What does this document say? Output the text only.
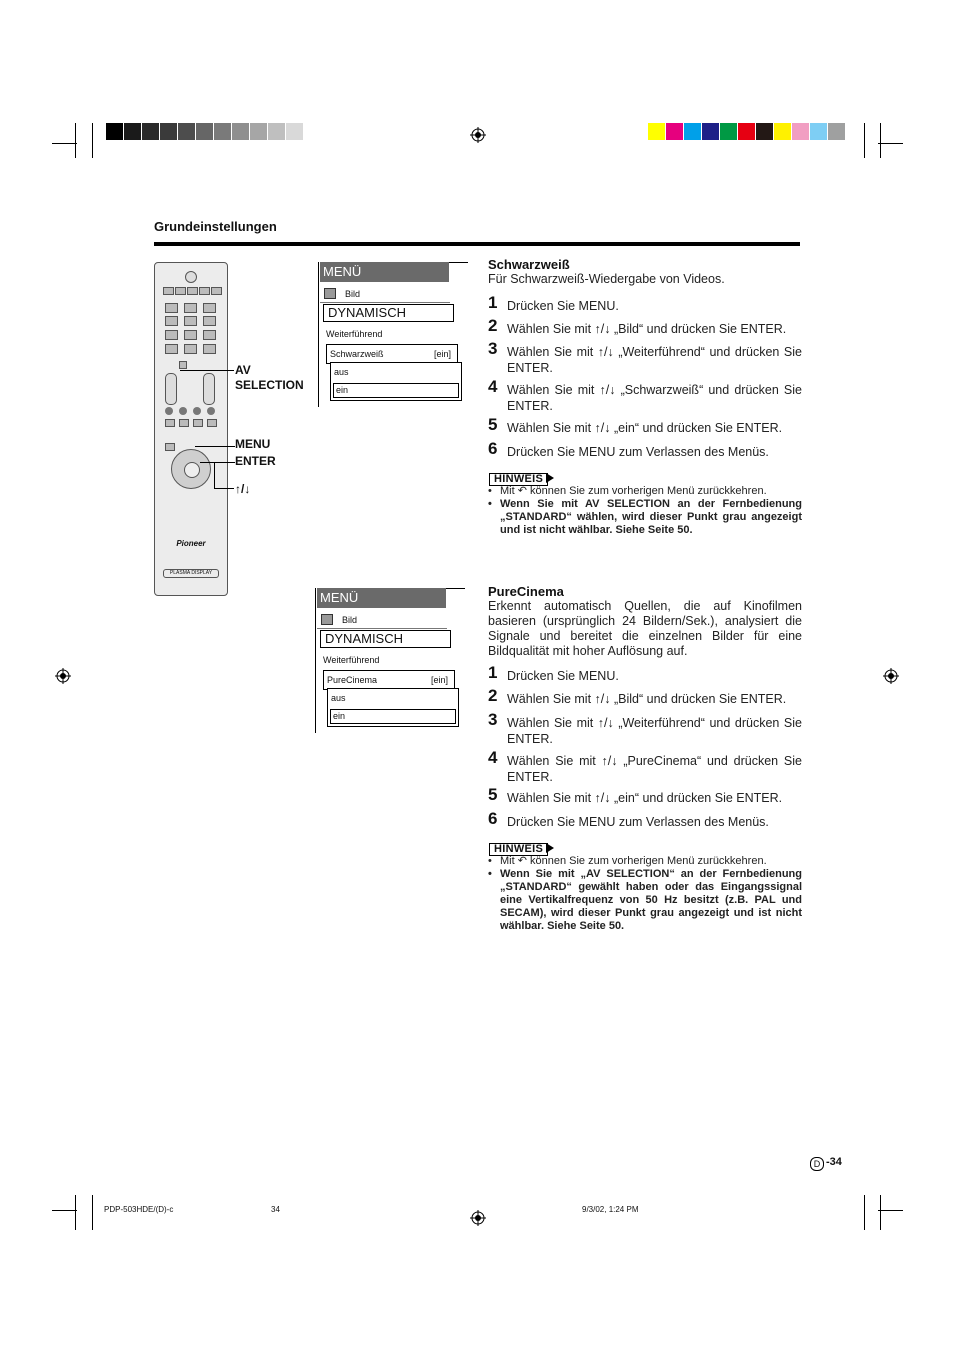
Grundeinstellungen
Pioneer
PLASMA DISPLAY
AV
SELECTION
MENU
ENTER
↑/↓
MENÜ
Bild
DYNAMISCH
Weiterführend
Schwarzweiß	[ein]
aus
ein
MENÜ
Bild
DYNAMISCH
Weiterführend
PureCinema	[ein]
aus
ein
Schwarzweiß
Für Schwarzweiß-Wiedergabe von Videos.
1 Drücken Sie MENU.
2 Wählen Sie mit ↑/↓ „Bild“ und drücken Sie ENTER.
3 Wählen Sie mit ↑/↓ „Weiterführend“ und drücken Sie ENTER.
4 Wählen Sie mit ↑/↓ „Schwarzweiß“ und drücken Sie ENTER.
5 Wählen Sie mit ↑/↓ „ein“ und drücken Sie ENTER.
6 Drücken Sie MENU zum Verlassen des Menüs.
HINWEIS
• Mit ↶ können Sie zum vorherigen Menü zurückkehren.
• Wenn Sie mit AV SELECTION an der Fernbedienung „STANDARD“ wählen, wird dieser Punkt grau angezeigt und ist nicht wählbar. Siehe Seite 50.
PureCinema
Erkennt automatisch Quellen, die auf Kinofilmen basieren (ursprünglich 24 Bildern/Sek.), analysiert die Signale und bereitet die einzelnen Bilder für eine Bildqualität mit hoher Auflösung auf.
1 Drücken Sie MENU.
2 Wählen Sie mit ↑/↓ „Bild“ und drücken Sie ENTER.
3 Wählen Sie mit ↑/↓ „Weiterführend“ und drücken Sie ENTER.
4 Wählen Sie mit ↑/↓ „PureCinema“ und drücken Sie ENTER.
5 Wählen Sie mit ↑/↓ „ein“ und drücken Sie ENTER.
6 Drücken Sie MENU zum Verlassen des Menüs.
HINWEIS
• Mit ↶ können Sie zum vorherigen Menü zurückkehren.
• Wenn Sie mit „AV SELECTION“ an der Fernbedienung „STANDARD“ gewählt haben oder das Eingangssignal eine Vertikalfrequenz von 50 Hz besitzt (z.B. PAL und SECAM), wird dieser Punkt grau angezeigt und ist nicht wählbar. Siehe Seite 50.
D -34
PDP-503HDE/(D)-c	34	9/3/02, 1:24 PM
